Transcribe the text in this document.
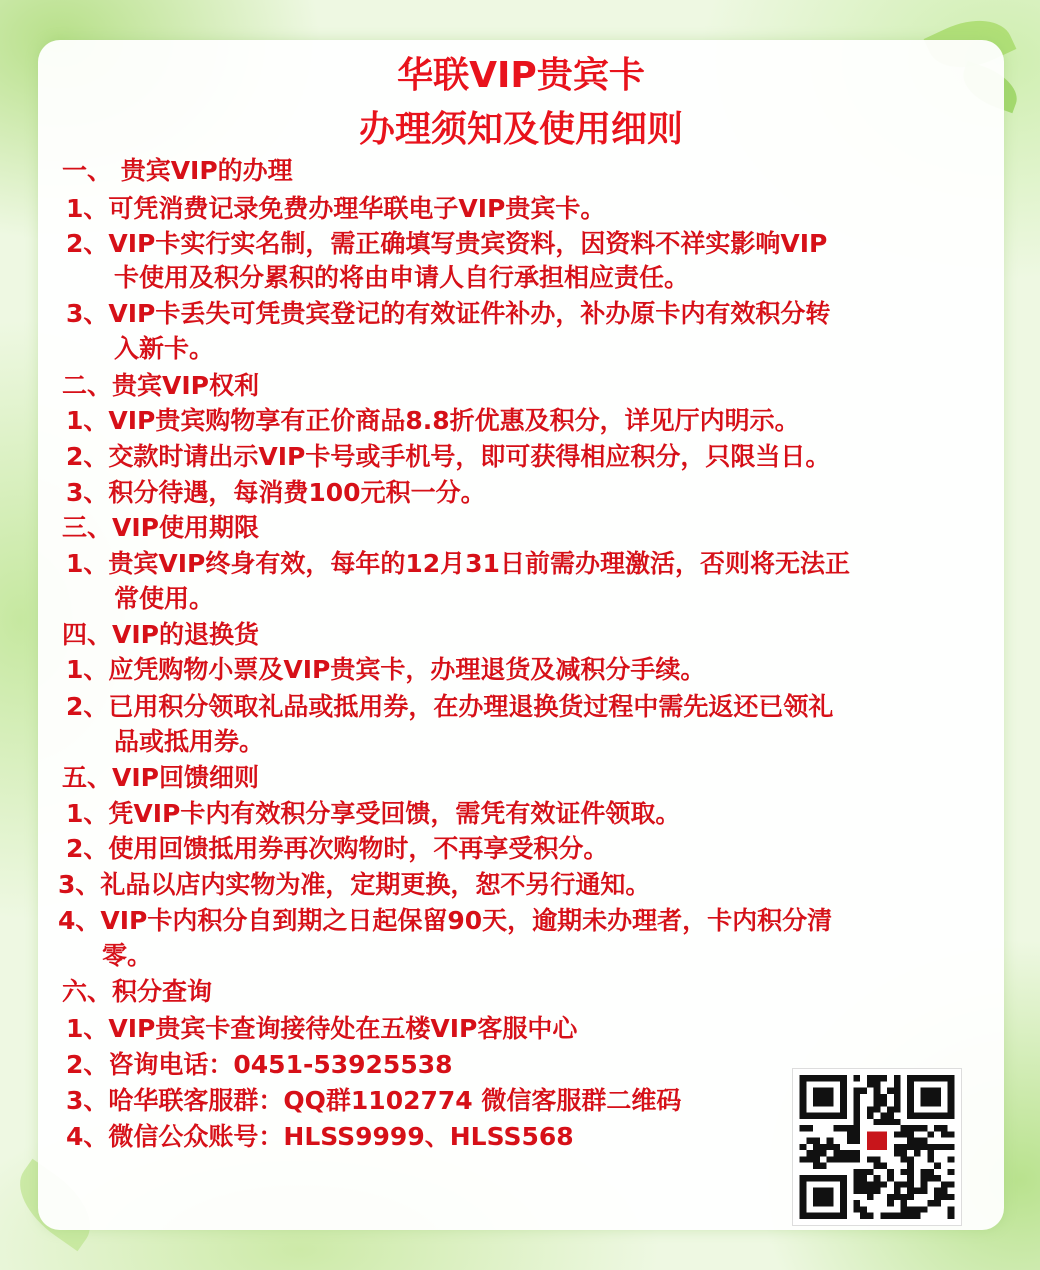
华联VIP贵宾卡
办理须知及使用细则

一、 贵宾VIP的办理

1、可凭消费记录免费办理华联电子VIP贵宾卡。

2、VIP卡实行实名制，需正确填写贵宾资料，因资料不祥实影响VIP

卡使用及积分累积的将由申请人自行承担相应责任。

3、VIP卡丢失可凭贵宾登记的有效证件补办，补办原卡内有效积分转

入新卡。

二、贵宾VIP权利

1、VIP贵宾购物享有正价商品8.8折优惠及积分，详见厅内明示。

2、交款时请出示VIP卡号或手机号，即可获得相应积分，只限当日。

3、积分待遇，每消费100元积一分。

三、VIP使用期限

1、贵宾VIP终身有效，每年的12月31日前需办理激活，否则将无法正

常使用。

四、VIP的退换货

1、应凭购物小票及VIP贵宾卡，办理退货及减积分手续。

2、已用积分领取礼品或抵用券，在办理退换货过程中需先返还已领礼

品或抵用券。

五、VIP回馈细则

1、凭VIP卡内有效积分享受回馈，需凭有效证件领取。

2、使用回馈抵用券再次购物时，不再享受积分。

3、礼品以店内实物为准，定期更换，恕不另行通知。

4、VIP卡内积分自到期之日起保留90天，逾期未办理者，卡内积分清

零。

六、积分查询

1、VIP贵宾卡查询接待处在五楼VIP客服中心

2、咨询电话：0451-53925538

3、哈华联客服群：QQ群1102774 微信客服群二维码

4、微信公众账号：HLSS9999、HLSS568
